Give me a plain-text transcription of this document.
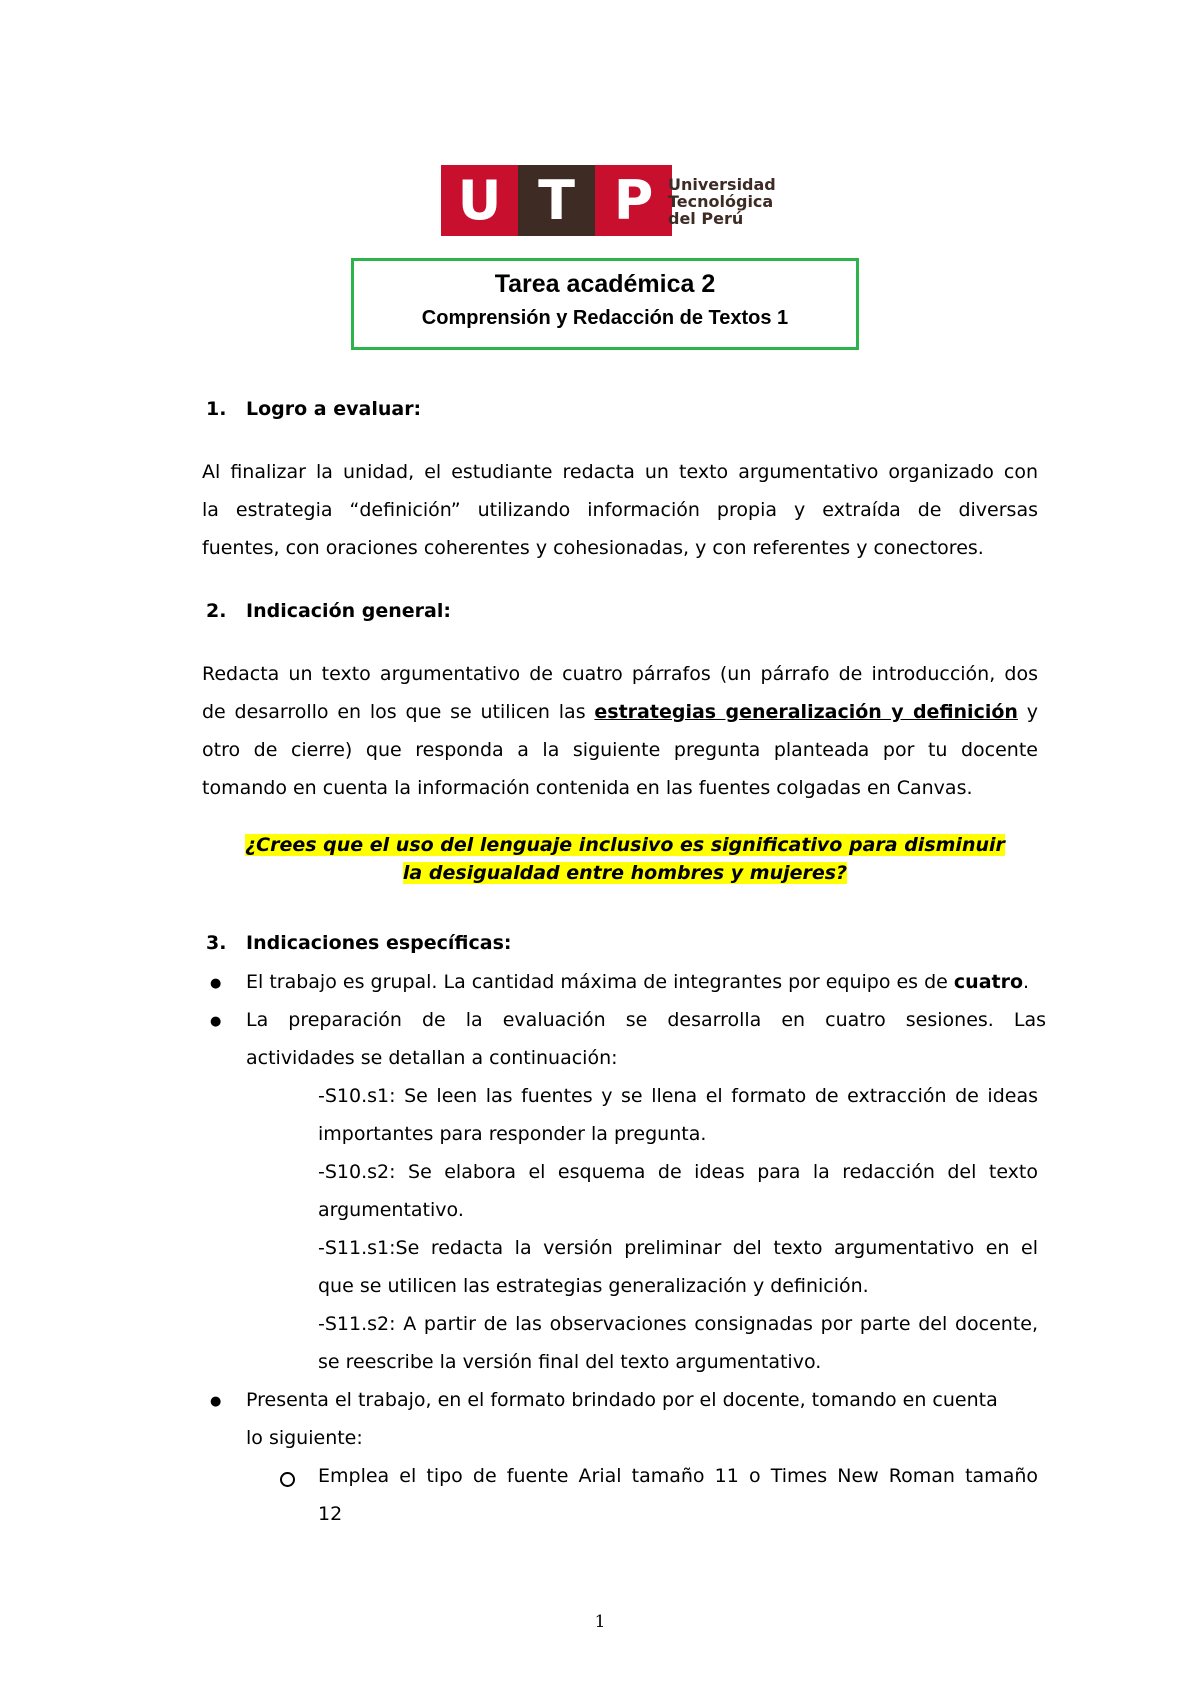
U T P Universidad
Tecnológica
del Perú
Tarea académica 2
Comprensión y Redacción de Textos 1
1. Logro a evaluar:
Al finalizar la unidad, el estudiante redacta un texto argumentativo organizado con
la estrategia “definición” utilizando información propia y extraída de diversas
fuentes, con oraciones coherentes y cohesionadas, y con referentes y conectores.
2. Indicación general:
Redacta un texto argumentativo de cuatro párrafos (un párrafo de introducción, dos
de desarrollo en los que se utilicen las estrategias generalización y definición y
otro de cierre) que responda a la siguiente pregunta planteada por tu docente
tomando en cuenta la información contenida en las fuentes colgadas en Canvas.
¿Crees que el uso del lenguaje inclusivo es significativo para disminuir
la desigualdad entre hombres y mujeres?
3. Indicaciones específicas:
● El trabajo es grupal. La cantidad máxima de integrantes por equipo es de cuatro.
● La preparación de la evaluación se desarrolla en cuatro sesiones. Las
actividades se detallan a continuación:
-S10.s1: Se leen las fuentes y se llena el formato de extracción de ideas
importantes para responder la pregunta.
-S10.s2: Se elabora el esquema de ideas para la redacción del texto
argumentativo.
-S11.s1:Se redacta la versión preliminar del texto argumentativo en el
que se utilicen las estrategias generalización y definición.
-S11.s2: A partir de las observaciones consignadas por parte del docente,
se reescribe la versión final del texto argumentativo.
● Presenta el trabajo, en el formato brindado por el docente, tomando en cuenta
lo siguiente:
Emplea el tipo de fuente Arial tamaño 11 o Times New Roman tamaño
12
1
